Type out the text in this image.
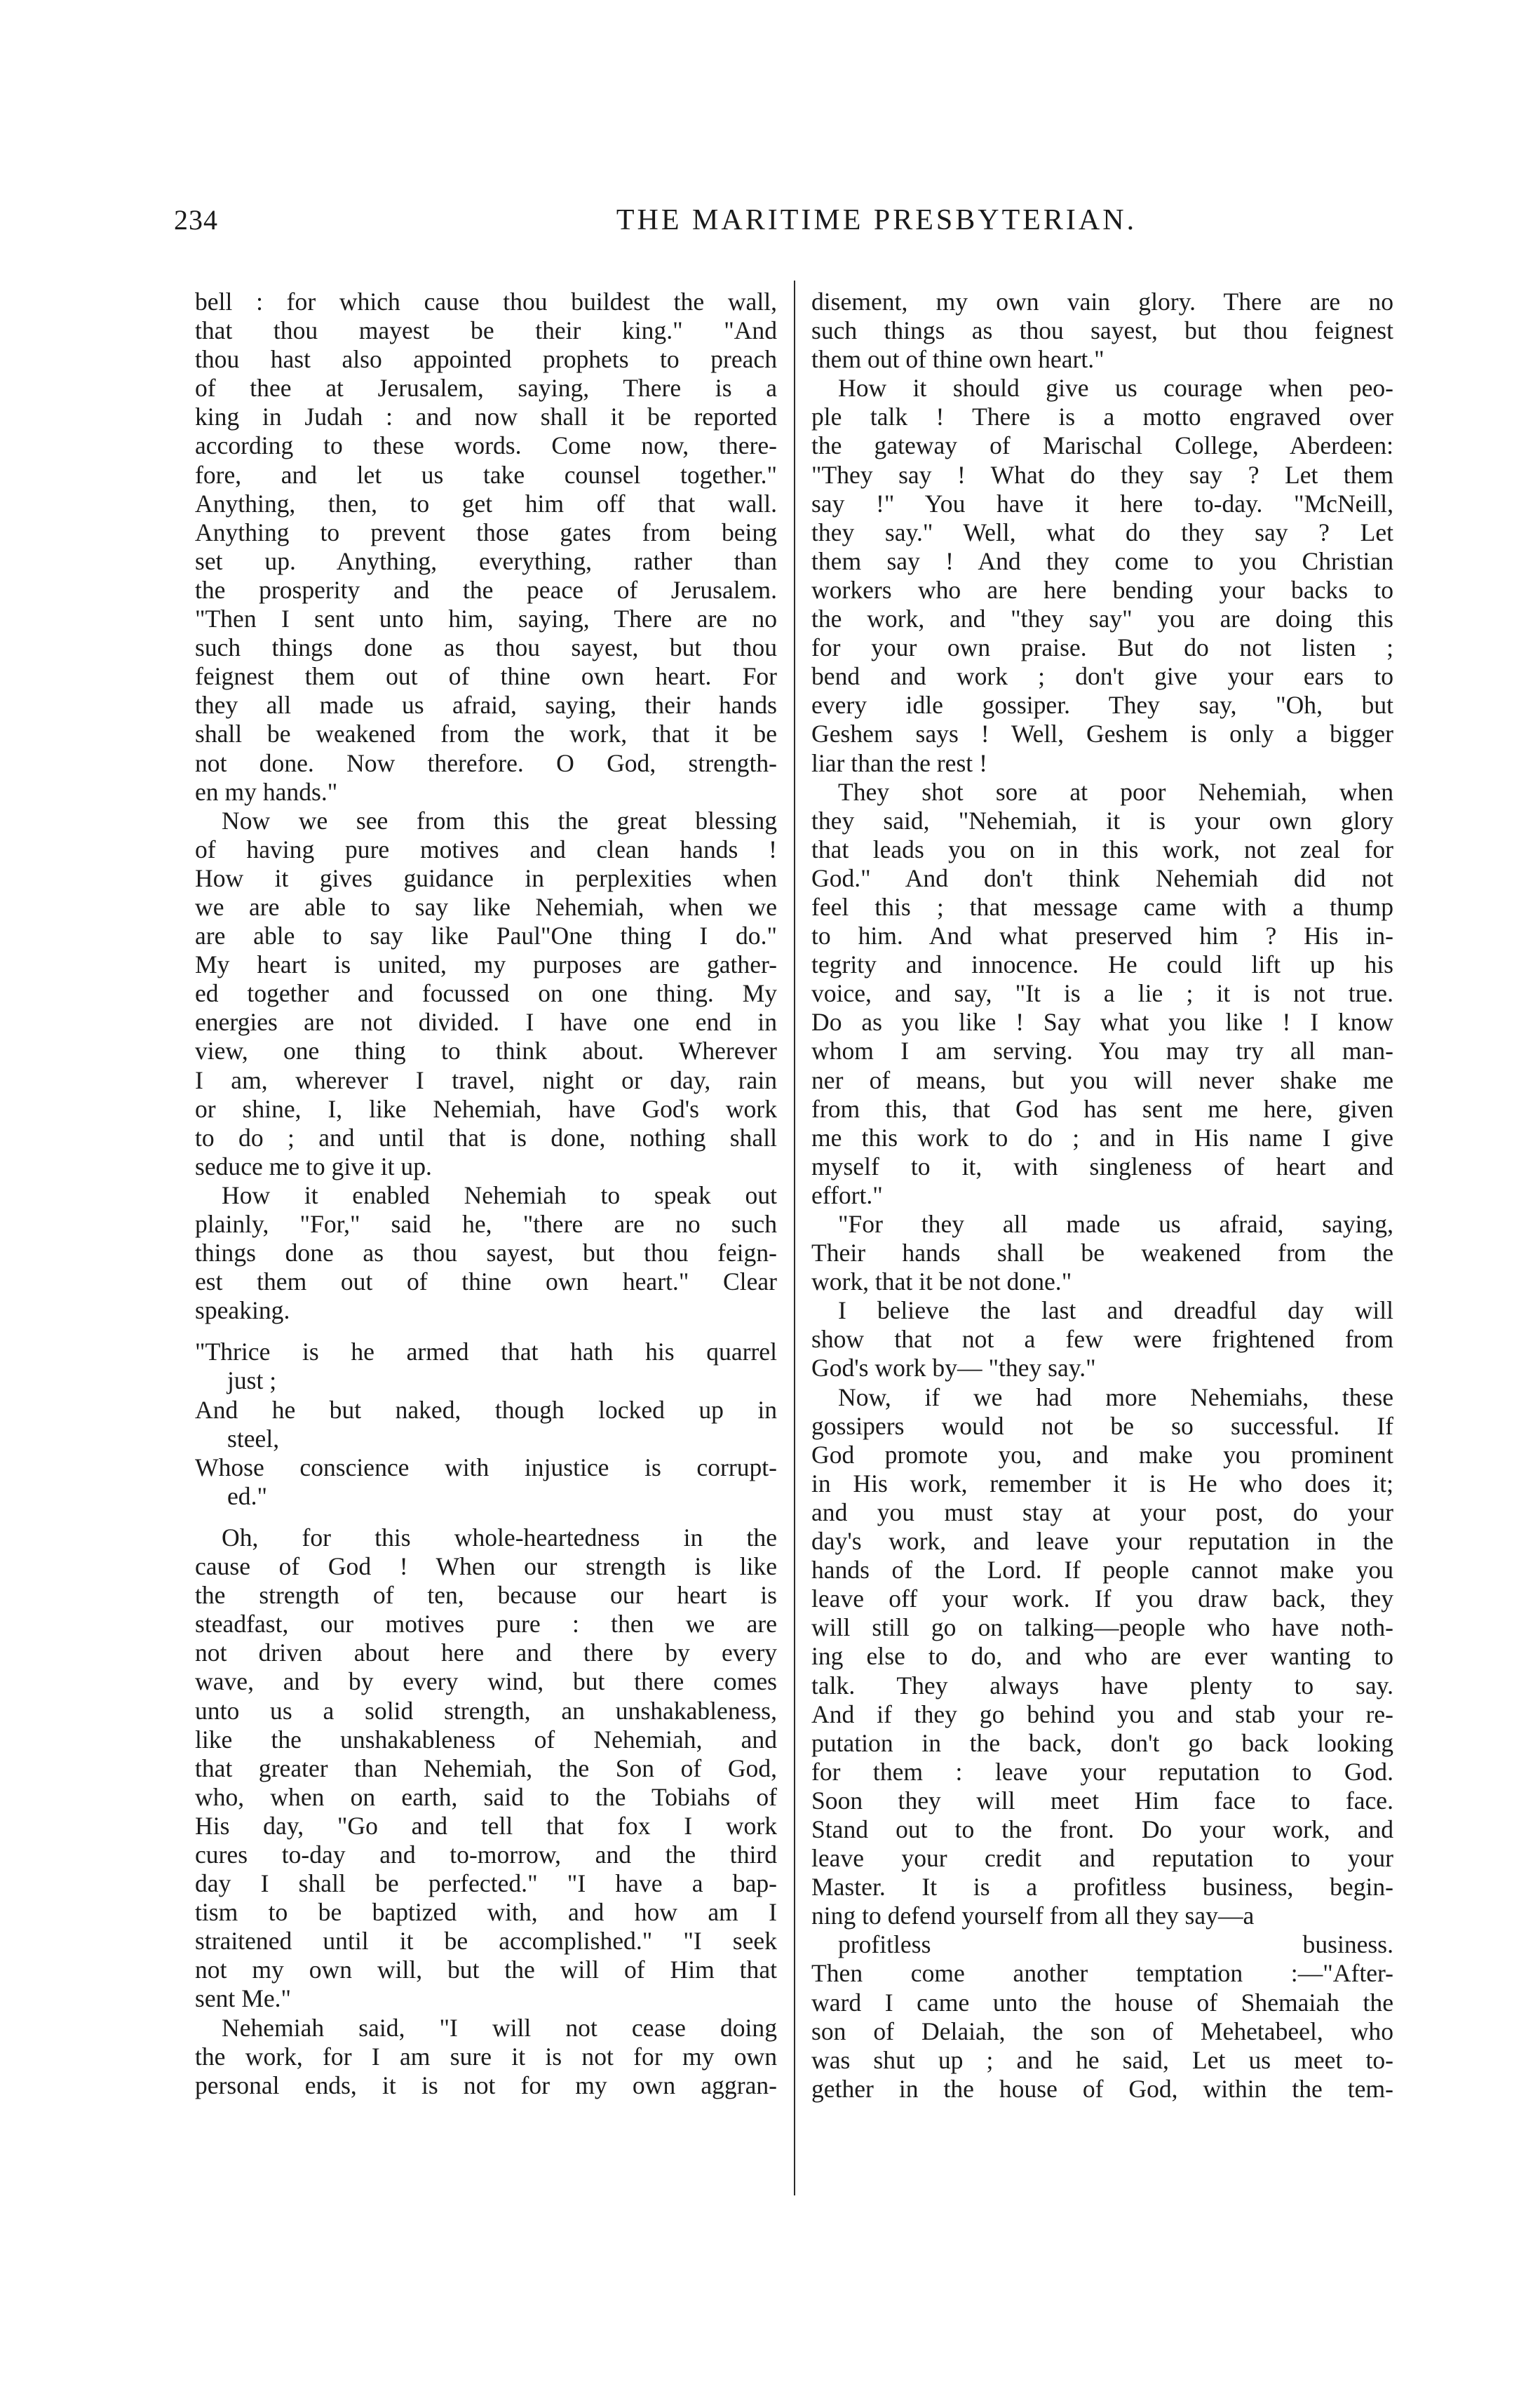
234	THE MARITIME PRESBYTERIAN.
bell : for which cause thou buildest the wall,
that thou mayest be their king." "And
thou hast also appointed prophets to preach
of thee at Jerusalem, saying, There is a
king in Judah : and now shall it be reported
according to these words. Come now, there-
fore, and let us take counsel together."
Anything, then, to get him off that wall.
Anything to prevent those gates from being
set up. Anything, everything, rather than
the prosperity and the peace of Jerusalem.
"Then I sent unto him, saying, There are no
such things done as thou sayest, but thou
feignest them out of thine own heart. For
they all made us afraid, saying, their hands
shall be weakened from the work, that it be
not done. Now therefore. O God, strength-
en my hands."
Now we see from this the great blessing
of having pure motives and clean hands !
How it gives guidance in perplexities when
we are able to say like Nehemiah, when we
are able to say like Paul"One thing I do."
My heart is united, my purposes are gather-
ed together and focussed on one thing. My
energies are not divided. I have one end in
view, one thing to think about. Wherever
I am, wherever I travel, night or day, rain
or shine, I, like Nehemiah, have God's work
to do ; and until that is done, nothing shall
seduce me to give it up.
How it enabled Nehemiah to speak out
plainly, "For," said he, "there are no such
things done as thou sayest, but thou feign-
est them out of thine own heart." Clear
speaking.
"Thrice is he armed that hath his quarrel
just ;
And he but naked, though locked up in
steel,
Whose conscience with injustice is corrupt-
ed."
Oh, for this whole-heartedness in the
cause of God ! When our strength is like
the strength of ten, because our heart is
steadfast, our motives pure : then we are
not driven about here and there by every
wave, and by every wind, but there comes
unto us a solid strength, an unshakableness,
like the unshakableness of Nehemiah, and
that greater than Nehemiah, the Son of God,
who, when on earth, said to the Tobiahs of
His day, "Go and tell that fox I work
cures to-day and to-morrow, and the third
day I shall be perfected." "I have a bap-
tism to be baptized with, and how am I
straitened until it be accomplished." "I seek
not my own will, but the will of Him that
sent Me."
Nehemiah said, "I will not cease doing
the work, for I am sure it is not for my own
personal ends, it is not for my own aggran-
disement, my own vain glory. There are no
such things as thou sayest, but thou feignest
them out of thine own heart."
How it should give us courage when peo-
ple talk ! There is a motto engraved over
the gateway of Marischal College, Aberdeen:
"They say ! What do they say ? Let them
say !" You have it here to-day. "McNeill,
they say." Well, what do they say ? Let
them say ! And they come to you Christian
workers who are here bending your backs to
the work, and "they say" you are doing this
for your own praise. But do not listen ;
bend and work ; don't give your ears to
every idle gossiper. They say, "Oh, but
Geshem says ! Well, Geshem is only a bigger
liar than the rest !
They shot sore at poor Nehemiah, when
they said, "Nehemiah, it is your own glory
that leads you on in this work, not zeal for
God." And don't think Nehemiah did not
feel this ; that message came with a thump
to him. And what preserved him ? His in-
tegrity and innocence. He could lift up his
voice, and say, "It is a lie ; it is not true.
Do as you like ! Say what you like ! I know
whom I am serving. You may try all man-
ner of means, but you will never shake me
from this, that God has sent me here, given
me this work to do ; and in His name I give
myself to it, with singleness of heart and
effort."
"For they all made us afraid, saying,
Their hands shall be weakened from the
work, that it be not done."
I believe the last and dreadful day will
show that not a few were frightened from
God's work by— "they say."
Now, if we had more Nehemiahs, these
gossipers would not be so successful. If
God promote you, and make you prominent
in His work, remember it is He who does it;
and you must stay at your post, do your
day's work, and leave your reputation in the
hands of the Lord. If people cannot make you
leave off your work. If you draw back, they
will still go on talking—people who have noth-
ing else to do, and who are ever wanting to
talk. They always have plenty to say.
And if they go behind you and stab your re-
putation in the back, don't go back looking
for them : leave your reputation to God.
Soon they will meet Him face to face.
Stand out to the front. Do your work, and
leave your credit and reputation to your
Master. It is a profitless business, begin-
ning to defend yourself from all they say—a
profitless business.
Then come another temptation :—"After-
ward I came unto the house of Shemaiah the
son of Delaiah, the son of Mehetabeel, who
was shut up ; and he said, Let us meet to-
gether in the house of God, within the tem-
